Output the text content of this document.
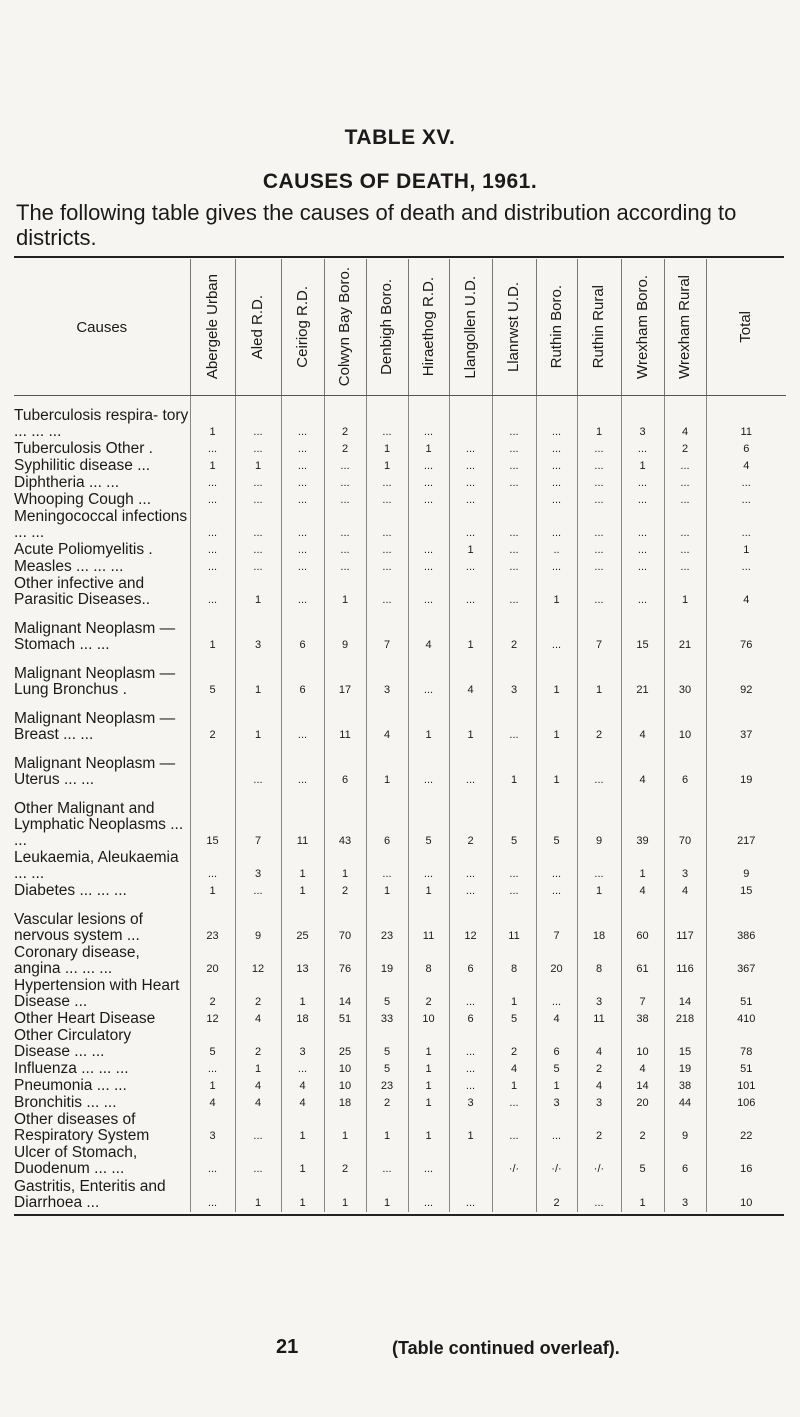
TABLE XV.
CAUSES OF DEATH, 1961.
The following table gives the causes of death and distribution according to districts.
Causes	Abergele Urban	Aled R.D.	Ceiriog R.D.	Colwyn Bay Boro.	Denbigh Boro.	Hiraethog R.D.	Llangollen U.D.	Llanrwst U.D.	Ruthin Boro.	Ruthin Rural	Wrexham Boro.	Wrexham Rural	Total

Tuberculosis respira- tory ... ... ...	1	...	...	2	...	...		...	...	1	3	4	11
Tuberculosis Other .	...	...	...	2	1	1	...	...	...	...	...	2	6
Syphilitic disease ...	1	1	...	...	1	...	...	...	...	...	1	...	4
Diphtheria ... ...	...	...	...	...	...	...	...	...	...	...	...	...	...
Whooping Cough ...	...	...	...	...	...	...	...		...	...	...	...	...
Meningococcal infections ... ...	...	...	...	...	...		...	...	...	...	...	...	...
Acute Poliomyelitis .	...	...	...	...	...	...	1	...	..	...	...	...	1
Measles ... ... ...	...	...	...	...	...	...	...	...	...	...	...	...	...
Other infective and Parasitic Diseases..	...	1	...	1	...	...	...	...	1	...	...	1	4
Malignant Neoplasm —Stomach ... ...	1	3	6	9	7	4	1	2	...	7	15	21	76
Malignant Neoplasm —Lung Bronchus .	5	1	6	17	3	...	4	3	1	1	21	30	92
Malignant Neoplasm —Breast ... ...	2	1	...	11	4	1	1	...	1	2	4	10	37
Malignant Neoplasm —Uterus ... ...		...	...	6	1	...	...	1	1	...	4	6	19
Other Malignant and Lymphatic Neoplasms ... ...	15	7	11	43	6	5	2	5	5	9	39	70	217
Leukaemia, Aleukaemia ... ...	...	3	1	1	...	...	...	...	...	...	1	3	9
Diabetes ... ... ...	1	...	1	2	1	1	...	...	...	1	4	4	15
Vascular lesions of nervous system ...	23	9	25	70	23	11	12	11	7	18	60	117	386
Coronary disease, angina ... ... ...	20	12	13	76	19	8	6	8	20	8	61	116	367
Hypertension with Heart Disease ...	2	2	1	14	5	2	...	1	...	3	7	14	51
Other Heart Disease	12	4	18	51	33	10	6	5	4	11	38	218	410
Other Circulatory Disease ... ...	5	2	3	25	5	1	...	2	6	4	10	15	78
Influenza ... ... ...	...	1	...	10	5	1	...	4	5	2	4	19	51
Pneumonia ... ...	1	4	4	10	23	1	...	1	1	4	14	38	101
Bronchitis ... ...	4	4	4	18	2	1	3	...	3	3	20	44	106
Other diseases of Respiratory System	3	...	1	1	1	1	1	...	...	2	2	9	22
Ulcer of Stomach, Duodenum ... ...	...	...	1	2	...	...		·/·	·/·	·/·	5	6	16
Gastritis, Enteritis and Diarrhoea ...	...	1	1	1	1	...	...		2	...	1	3	10
21	(Table continued overleaf).
